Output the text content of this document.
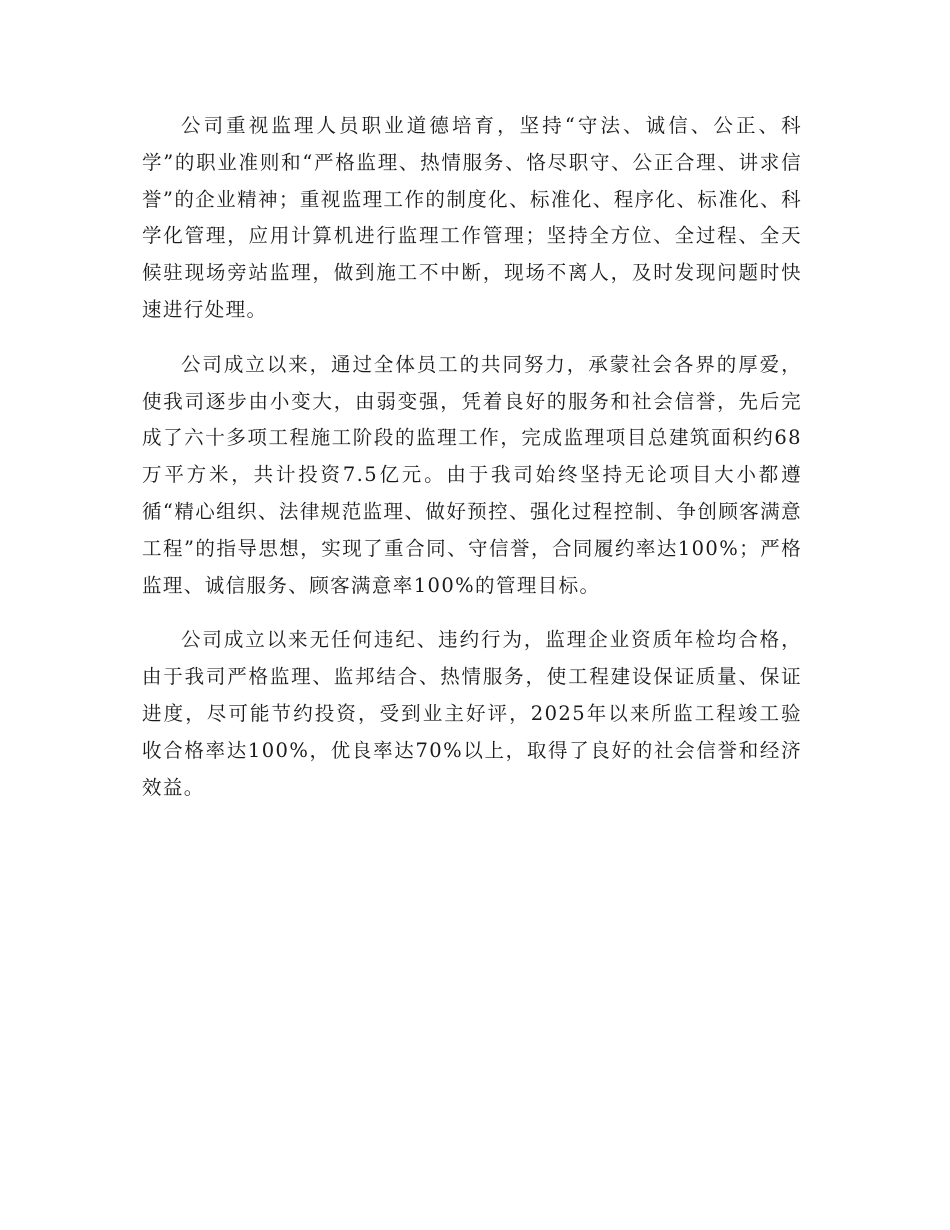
公司重视监理人员职业道德培育，坚持“守法、诚信、公正、科学”的职业准则和“严格监理、热情服务、恪尽职守、公正合理、讲求信誉”的企业精神；重视监理工作的制度化、标准化、程序化、标准化、科学化管理，应用计算机进行监理工作管理；坚持全方位、全过程、全天候驻现场旁站监理，做到施工不中断，现场不离人，及时发现问题时快速进行处理。

公司成立以来，通过全体员工的共同努力，承蒙社会各界的厚爱，使我司逐步由小变大，由弱变强，凭着良好的服务和社会信誉，先后完成了六十多项工程施工阶段的监理工作，完成监理项目总建筑面积约68万平方米，共计投资7.5亿元。由于我司始终坚持无论项目大小都遵循“精心组织、法律规范监理、做好预控、强化过程控制、争创顾客满意工程”的指导思想，实现了重合同、守信誉，合同履约率达100%；严格监理、诚信服务、顾客满意率100%的管理目标。

公司成立以来无任何违纪、违约行为，监理企业资质年检均合格，由于我司严格监理、监邦结合、热情服务，使工程建设保证质量、保证进度，尽可能节约投资，受到业主好评，2025年以来所监工程竣工验收合格率达100%，优良率达70%以上，取得了良好的社会信誉和经济效益。
